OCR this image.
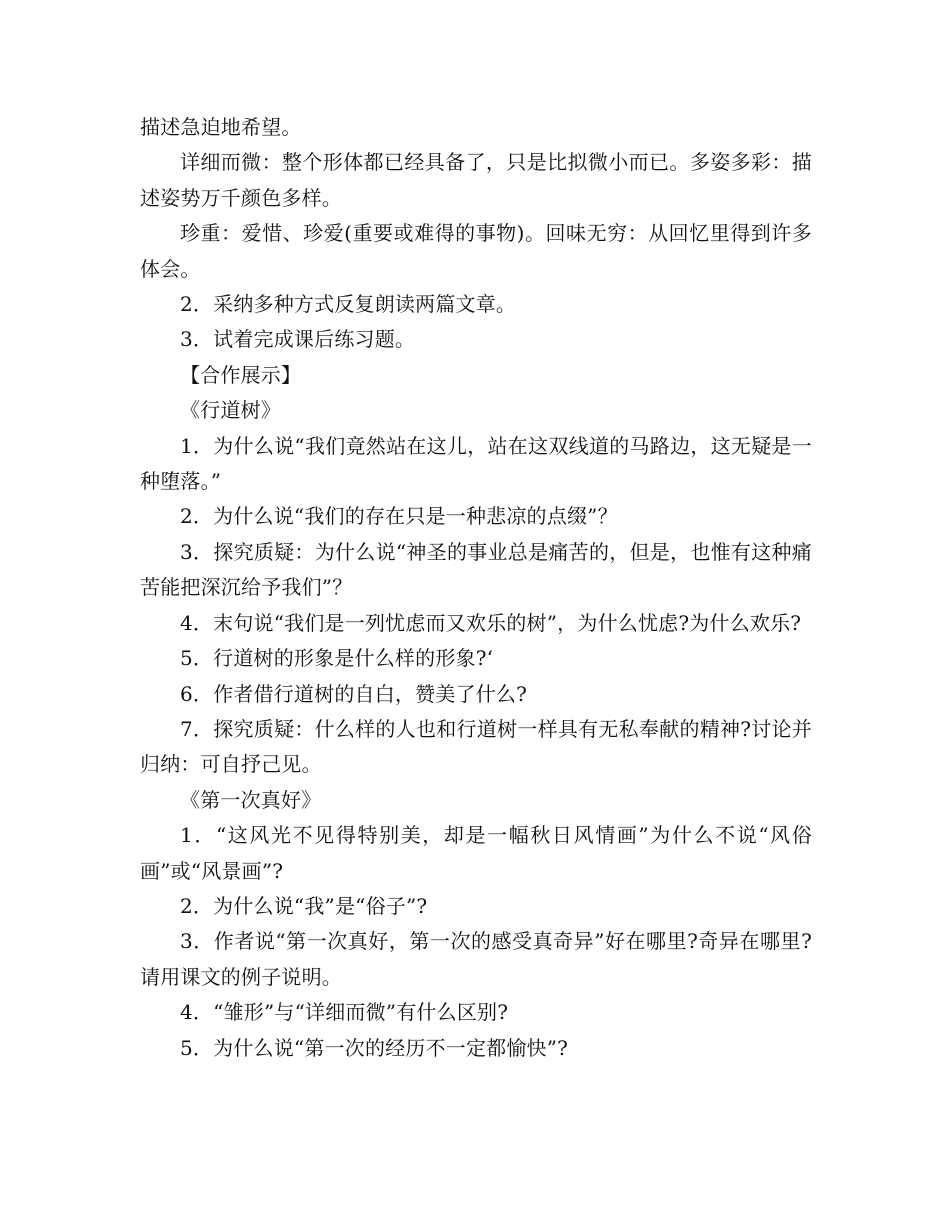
描述急迫地希望。

详细而微：整个形体都已经具备了，只是比拟微小而已。多姿多彩：描述姿势万千颜色多样。

珍重：爱惜、珍爱(重要或难得的事物)。回味无穷：从回忆里得到许多体会。

2．采纳多种方式反复朗读两篇文章。

3．试着完成课后练习题。

【合作展示】

《行道树》

1．为什么说“我们竟然站在这儿，站在这双线道的马路边，这无疑是一种堕落。”

2．为什么说“我们的存在只是一种悲凉的点缀”？

3．探究质疑：为什么说“神圣的事业总是痛苦的，但是，也惟有这种痛苦能把深沉给予我们”？

4．末句说“我们是一列忧虑而又欢乐的树”，为什么忧虑?为什么欢乐?

5．行道树的形象是什么样的形象?‘

6．作者借行道树的自白，赞美了什么?

7．探究质疑：什么样的人也和行道树一样具有无私奉献的精神?讨论并归纳：可自抒己见。

《第一次真好》

1．“这风光不见得特别美，却是一幅秋日风情画”为什么不说“风俗画”或“风景画”?

2．为什么说“我”是“俗子”?

3．作者说“第一次真好，第一次的感受真奇异”好在哪里?奇异在哪里?请用课文的例子说明。

4．“雏形”与“详细而微”有什么区别?

5．为什么说“第一次的经历不一定都愉快”?
